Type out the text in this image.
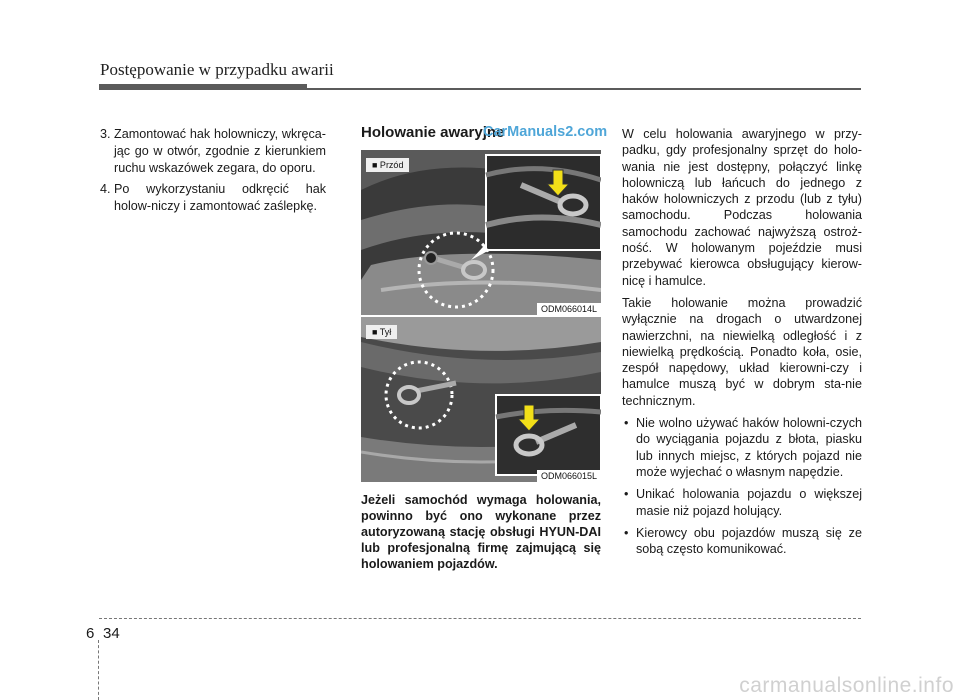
Postępowanie w przypadku awarii
3. Zamontować hak holowniczy, wkręca-jąc go w otwór, zgodnie z kierunkiem ruchu wskazówek zegara, do oporu.
4. Po wykorzystaniu odkręcić hak holow-niczy i zamontować zaślepkę.
Holowanie awaryjne
CarManuals2.com
■ Przód
ODM066014L
■ Tył
ODM066015L
Jeżeli samochód wymaga holowania, powinno być ono wykonane przez autoryzowaną stację obsługi HYUN-DAI lub profesjonalną firmę zajmującą się holowaniem pojazdów.

W celu holowania awaryjnego w przy-padku, gdy profesjonalny sprzęt do holo-wania nie jest dostępny, połączyć linkę holowniczą lub łańcuch do jednego z haków holowniczych z przodu (lub z tyłu) samochodu. Podczas holowania samochodu zachować najwyższą ostroż-ność. W holowanym pojeździe musi przebywać kierowca obsługujący kierow-nicę i hamulce.

Takie holowanie można prowadzić wyłącznie na drogach o utwardzonej nawierzchni, na niewielką odległość i z niewielką prędkością. Ponadto koła, osie, zespół napędowy, układ kierowni-czy i hamulce muszą być w dobrym sta-nie technicznym.

• Nie wolno używać haków holowni-czych do wyciągania pojazdu z błota, piasku lub innych miejsc, z których pojazd nie może wyjechać o własnym napędzie.
• Unikać holowania pojazdu o większej masie niż pojazd holujący.
• Kierowcy obu pojazdów muszą się ze sobą często komunikować.
6 34
carmanualsonline.info
